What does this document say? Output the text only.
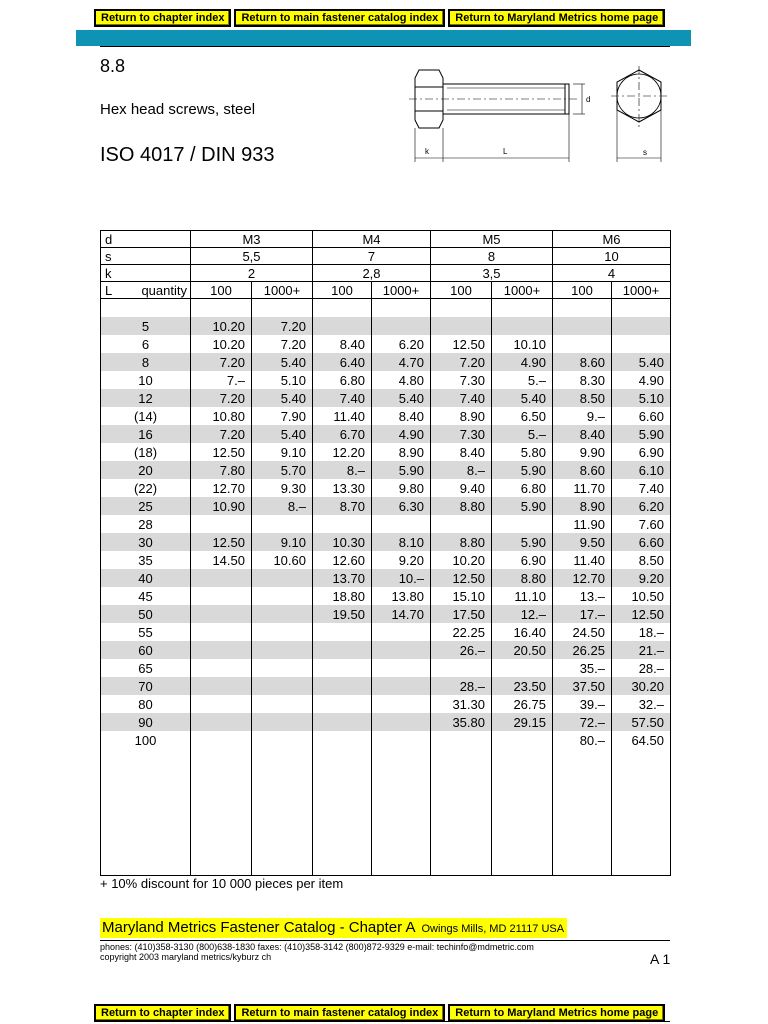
Return to chapter index	Return to main fastener catalog index	Return to Maryland Metrics home page
8.8
Hex head screws, steel
ISO 4017 / DIN 933	k	L	s
d
d	M3		M4		M5		M6	
s	5,5		7		8		10	
k	2		2,8		3,5		4	
L quantity	100	1000+	100	1000+	100	1000+	100	1000+

5	10.20	7.20						
6	10.20	7.20	8.40	6.20	12.50	10.10		
8	7.20	5.40	6.40	4.70	7.20	4.90	8.60	5.40
10	7.–	5.10	6.80	4.80	7.30	5.–	8.30	4.90
12	7.20	5.40	7.40	5.40	7.40	5.40	8.50	5.10
(14)	10.80	7.90	11.40	8.40	8.90	6.50	9.–	6.60
16	7.20	5.40	6.70	4.90	7.30	5.–	8.40	5.90
(18)	12.50	9.10	12.20	8.90	8.40	5.80	9.90	6.90
20	7.80	5.70	8.–	5.90	8.–	5.90	8.60	6.10
(22)	12.70	9.30	13.30	9.80	9.40	6.80	11.70	7.40
25	10.90	8.–	8.70	6.30	8.80	5.90	8.90	6.20
28							11.90	7.60
30	12.50	9.10	10.30	8.10	8.80	5.90	9.50	6.60
35	14.50	10.60	12.60	9.20	10.20	6.90	11.40	8.50
40			13.70	10.–	12.50	8.80	12.70	9.20
45			18.80	13.80	15.10	11.10	13.–	10.50
50			19.50	14.70	17.50	12.–	17.–	12.50
55					22.25	16.40	24.50	18.–
60					26.–	20.50	26.25	21.–
65							35.–	28.–
70					28.–	23.50	37.50	30.20
80					31.30	26.75	39.–	32.–
90					35.80	29.15	72.–	57.50
100							80.–	64.50

+ 10% discount for 10 000 pieces per item
Maryland Metrics Fastener Catalog - Chapter A Owings Mills, MD 21117 USA
phones: (410)358-3130 (800)638-1830 faxes: (410)358-3142 (800)872-9329 e-mail: techinfo@mdmetric.com
copyright 2003 maryland metrics/kyburz ch	A 1
Return to chapter index	Return to main fastener catalog index	Return to Maryland Metrics home page
